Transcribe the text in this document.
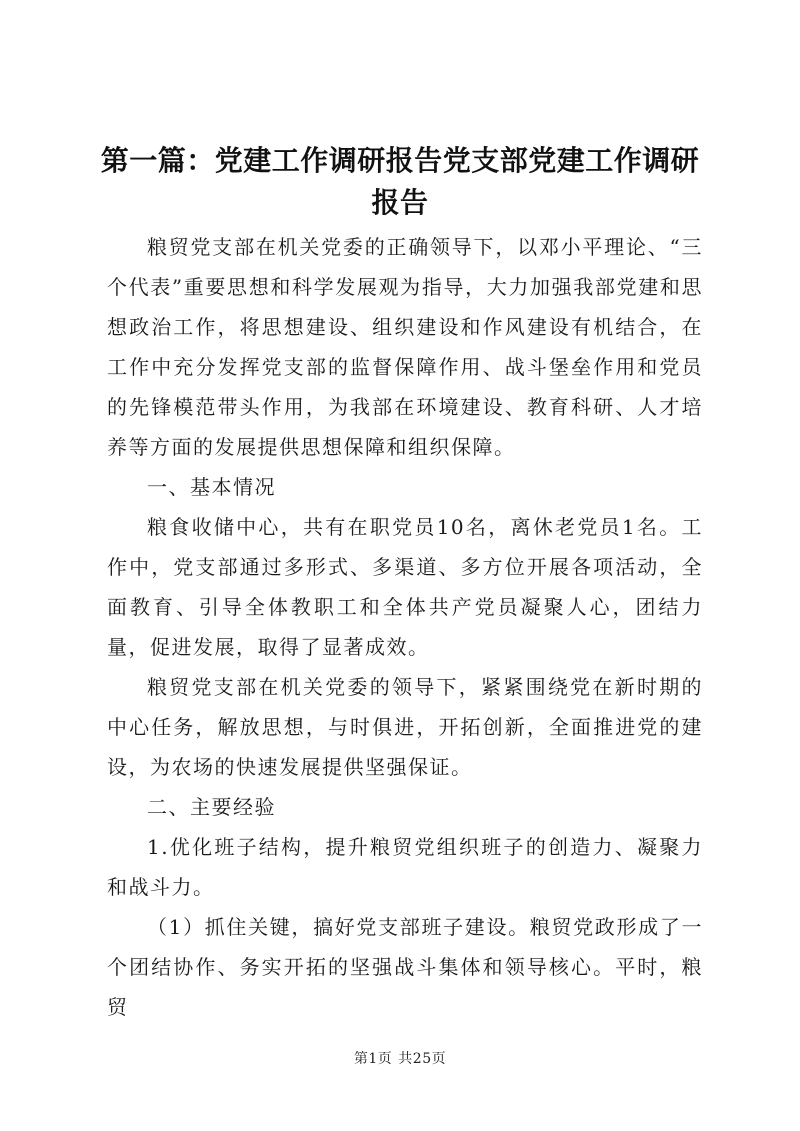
第一篇：党建工作调研报告党支部党建工作调研报告

粮贸党支部在机关党委的正确领导下，以邓小平理论、“三个代表”重要思想和科学发展观为指导，大力加强我部党建和思想政治工作，将思想建设、组织建设和作风建设有机结合，在工作中充分发挥党支部的监督保障作用、战斗堡垒作用和党员的先锋模范带头作用，为我部在环境建设、教育科研、人才培养等方面的发展提供思想保障和组织保障。

一、基本情况

粮食收储中心，共有在职党员10名，离休老党员1名。工作中，党支部通过多形式、多渠道、多方位开展各项活动，全面教育、引导全体教职工和全体共产党员凝聚人心，团结力量，促进发展，取得了显著成效。

粮贸党支部在机关党委的领导下，紧紧围绕党在新时期的中心任务，解放思想，与时俱进，开拓创新，全面推进党的建设，为农场的快速发展提供坚强保证。

二、主要经验

1.优化班子结构，提升粮贸党组织班子的创造力、凝聚力和战斗力。

（1）抓住关键，搞好党支部班子建设。粮贸党政形成了一个团结协作、务实开拓的坚强战斗集体和领导核心。平时，粮贸

第1页 共25页
